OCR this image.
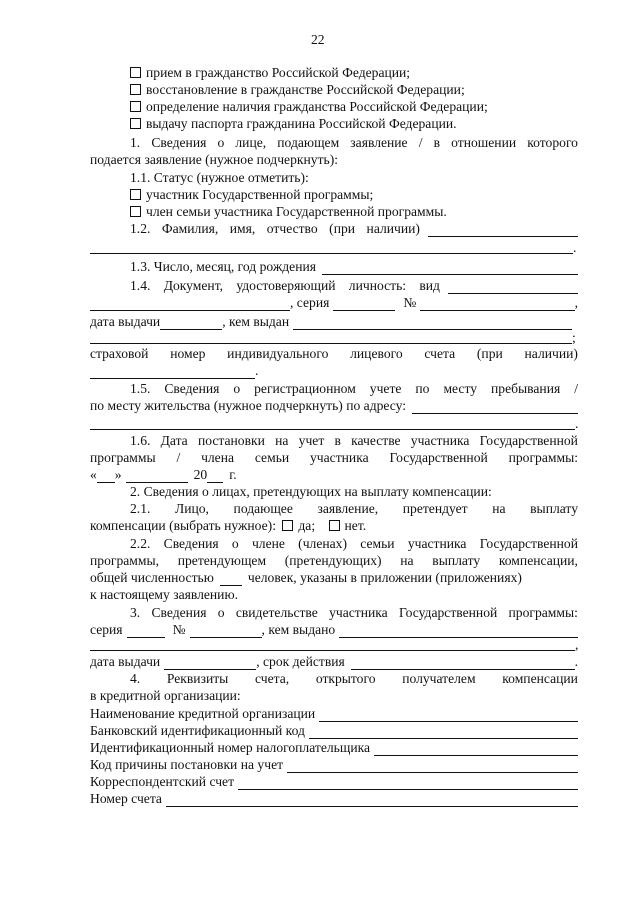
22
прием в гражданство Российской Федерации;
восстановление в гражданстве Российской Федерации;
определение наличия гражданства Российской Федерации;
выдачу паспорта гражданина Российской Федерации.
1. Сведения о лице, подающем заявление / в отношении которого
подается заявление (нужное подчеркнуть):
1.1. Статус (нужное отметить):
участник Государственной программы;
член семьи участника Государственной программы.
1.2. Фамилия, имя, отчество (при наличии)
.
1.3. Число, месяц, год рождения
1.4. Документ, удостоверяющий личность: вид
, серия	№	,
дата выдачи	, кем выдан
;
страховой номер индивидуального лицевого счета (при наличии)
.
1.5. Сведения о регистрационном учете по месту пребывания /
по месту жительства (нужное подчеркнуть) по адресу:
.
1.6. Дата постановки на учет в качестве участника Государственной
программы / члена семьи участника Государственной программы:
« »	20 г.
2. Сведения о лицах, претендующих на выплату компенсации:
2.1. Лицо, подающее заявление, претендует на выплату
компенсации (выбрать нужное): да; нет.
2.2. Сведения о члене (членах) семьи участника Государственной
программы, претендующем (претендующих) на выплату компенсации,
общей численностью	человек, указаны в приложении (приложениях)
к настоящему заявлению.
3. Сведения о свидетельстве участника Государственной программы:
серия	№	, кем выдано
,
дата выдачи	, срок действия	.
4. Реквизиты счета, открытого получателем компенсации
в кредитной организации:
Наименование кредитной организации
Банковский идентификационный код
Идентификационный номер налогоплательщика
Код причины постановки на учет
Корреспондентский счет
Номер счета
